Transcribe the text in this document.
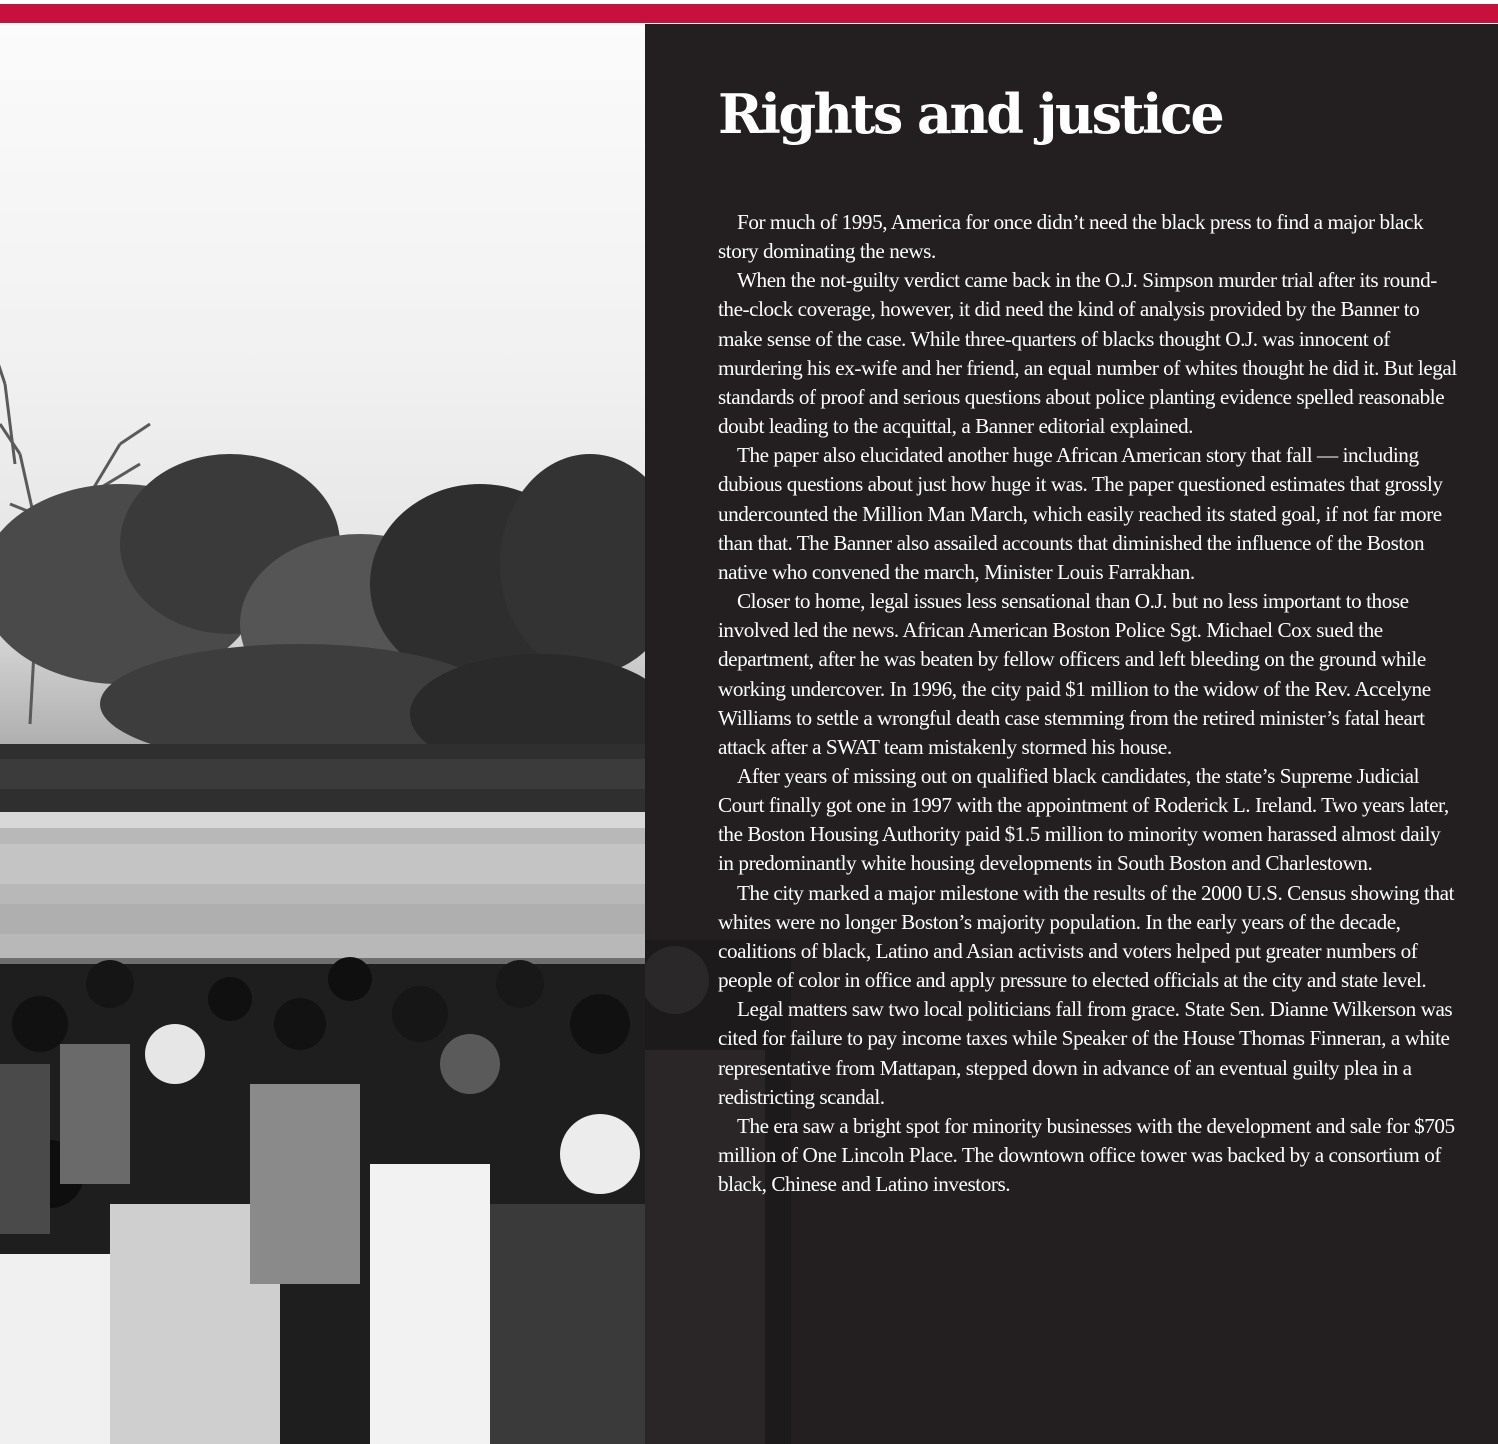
Rights and justice

For much of 1995, America for once didn’t need the black press to find a major black story dominating the news.

When the not-guilty verdict came back in the O.J. Simpson murder trial after its round-the-clock coverage, however, it did need the kind of analysis provided by the Banner to make sense of the case. While three-quarters of blacks thought O.J. was innocent of murdering his ex-wife and her friend, an equal number of whites thought he did it. But legal standards of proof and serious questions about police planting evidence spelled reasonable doubt leading to the acquittal, a Banner editorial explained.

The paper also elucidated another huge African American story that fall — including dubious questions about just how huge it was. The paper questioned estimates that grossly undercounted the Million Man March, which easily reached its stated goal, if not far more than that. The Banner also assailed accounts that diminished the influence of the Boston native who convened the march, Minister Louis Farrakhan.

Closer to home, legal issues less sensational than O.J. but no less important to those involved led the news. African American Boston Police Sgt. Michael Cox sued the department, after he was beaten by fellow officers and left bleeding on the ground while working undercover. In 1996, the city paid $1 million to the widow of the Rev. Accelyne Williams to settle a wrongful death case stemming from the retired minister’s fatal heart attack after a SWAT team mistakenly stormed his house.

After years of missing out on qualified black candidates, the state’s Supreme Judicial Court finally got one in 1997 with the appointment of Roderick L. Ireland. Two years later, the Boston Housing Authority paid $1.5 million to minority women harassed almost daily in predominantly white housing developments in South Boston and Charlestown.

The city marked a major milestone with the results of the 2000 U.S. Census showing that whites were no longer Boston’s majority population. In the early years of the decade, coalitions of black, Latino and Asian activists and voters helped put greater numbers of people of color in office and apply pressure to elected officials at the city and state level.

Legal matters saw two local politicians fall from grace. State Sen. Dianne Wilkerson was cited for failure to pay income taxes while Speaker of the House Thomas Finneran, a white representative from Mattapan, stepped down in advance of an eventual guilty plea in a redistricting scandal.

The era saw a bright spot for minority businesses with the development and sale for $705 million of One Lincoln Place. The downtown office tower was backed by a consortium of black, Chinese and Latino investors.
